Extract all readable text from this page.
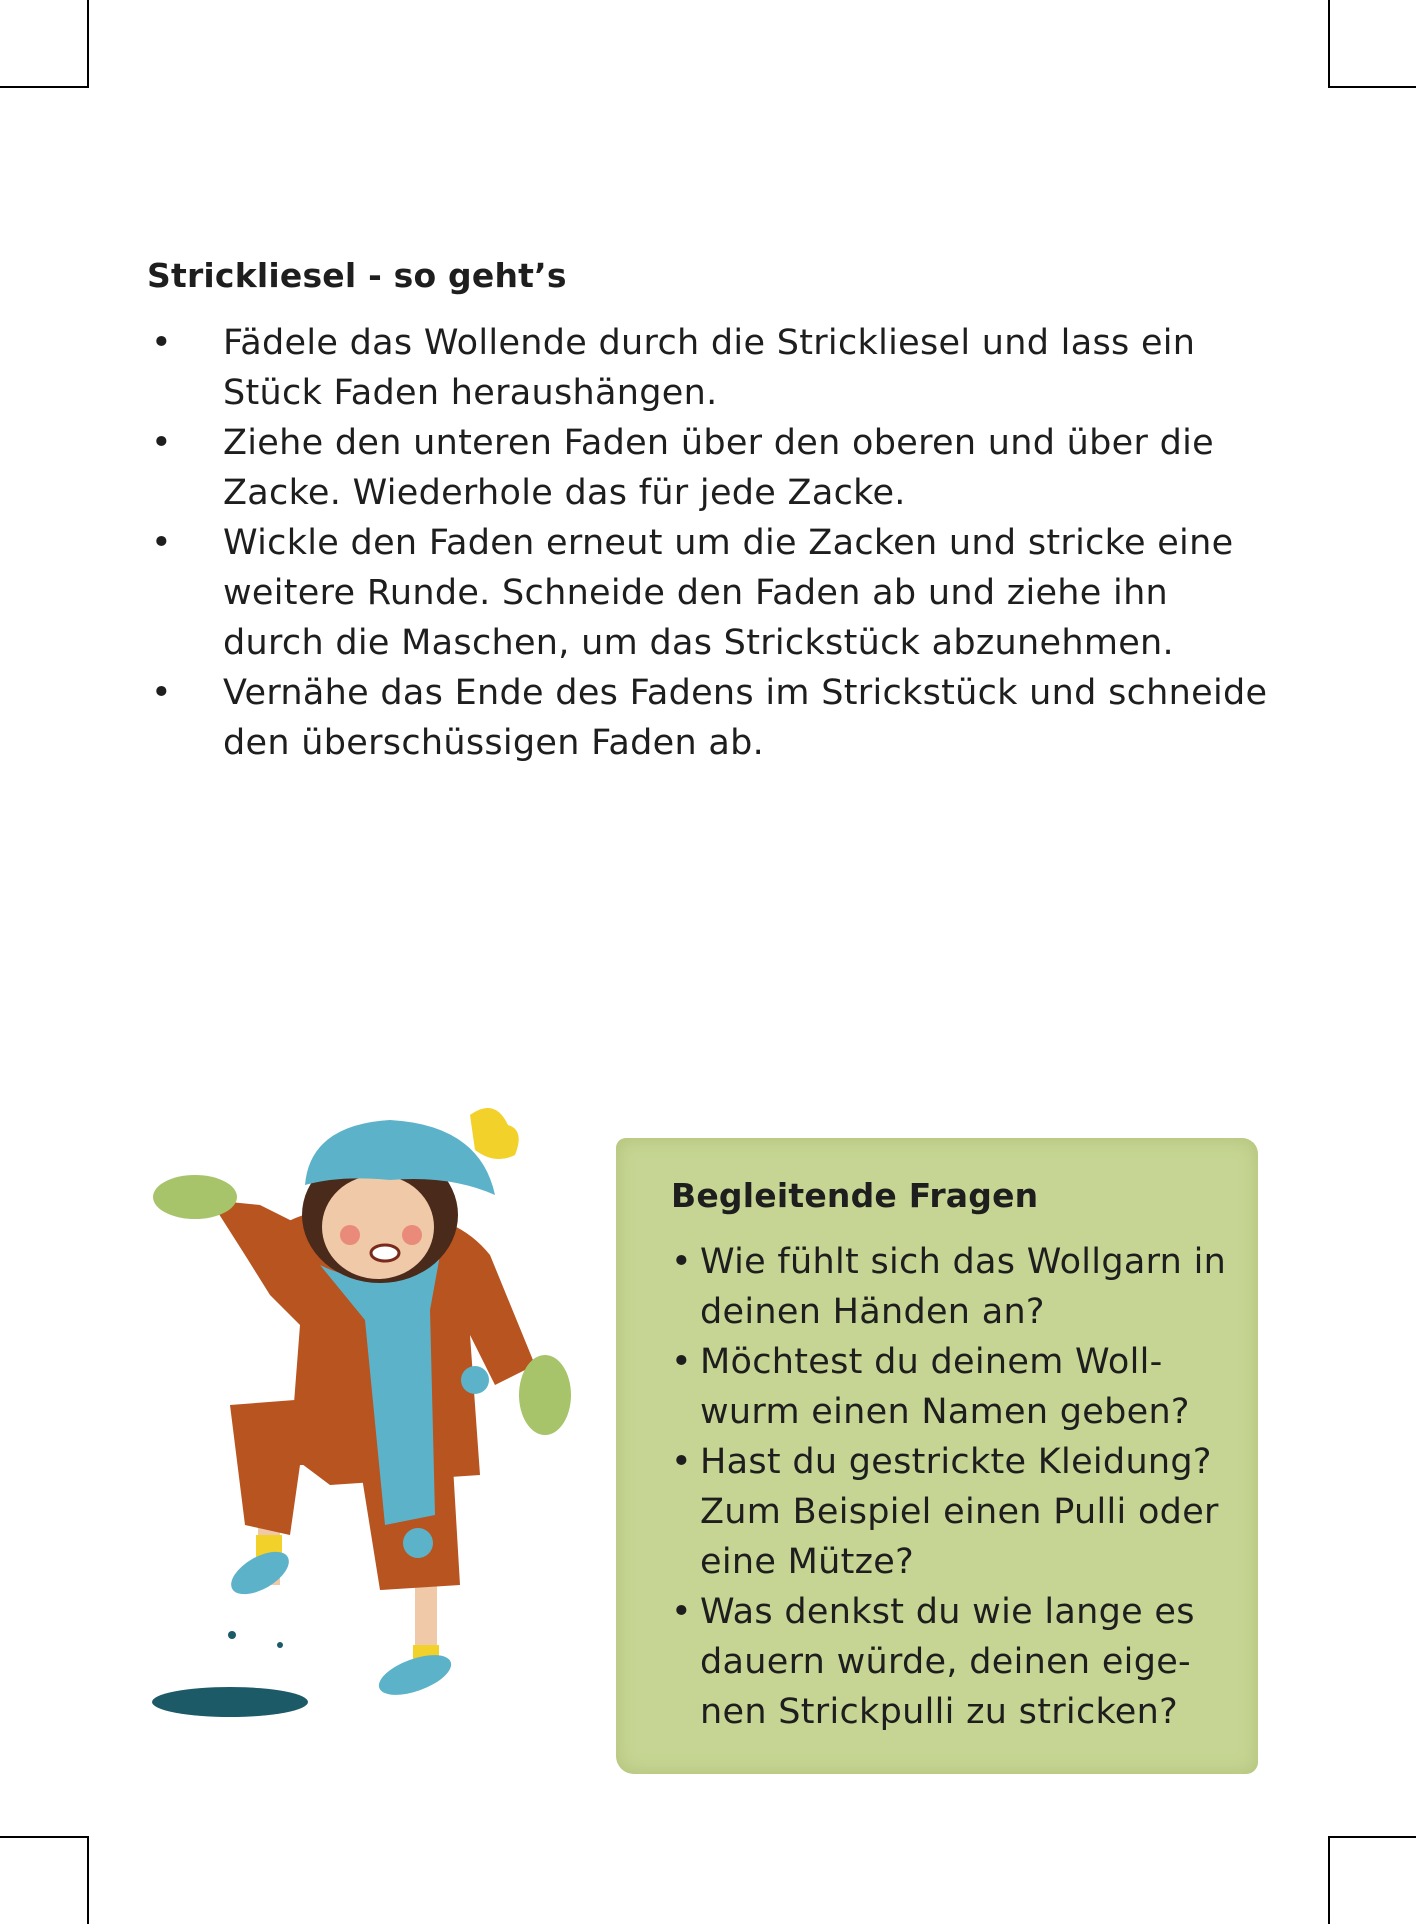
Strickliesel - so geht’s
• Fädele das Wollende durch die Strickliesel und lass ein Stück Faden heraushängen.
• Ziehe den unteren Faden über den oberen und über die Zacke. Wiederhole das für jede Zacke.
• Wickle den Faden erneut um die Zacken und stricke eine weitere Runde. Schneide den Faden ab und ziehe ihn durch die Maschen, um das Strickstück abzunehmen.
• Vernähe das Ende des Fadens im Strickstück und schneide den überschüssigen Faden ab.
Begleitende Fragen
• Wie fühlt sich das Wollgarn in deinen Händen an?
• Möchtest du deinem Woll-wurm einen Namen geben?
• Hast du gestrickte Kleidung? Zum Beispiel einen Pulli oder eine Mütze?
• Was denkst du wie lange es dauern würde, deinen eige-nen Strickpulli zu stricken?
